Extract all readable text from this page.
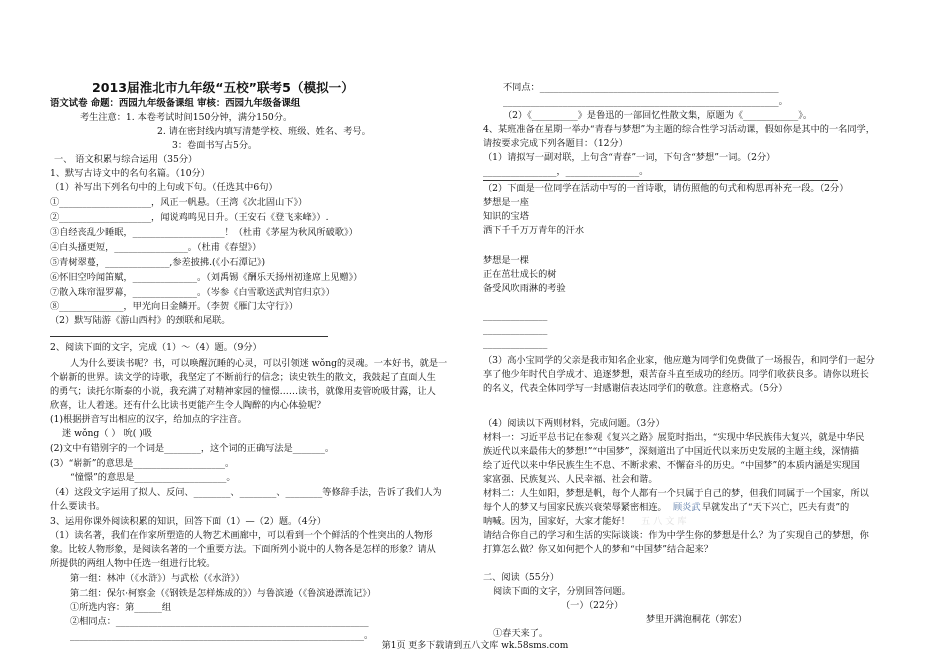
2013届淮北市九年级“五校”联考5（模拟一）
语文试卷 命题：西园九年级备课组 审核：西园九年级备课组
考生注意：1. 本卷考试时间150分钟，满分150分。
2. 请在密封线内填写清楚学校、班级、姓名、考号。
3：卷面书写占5分。
一、 语文积累与综合运用（35分）
1、默写古诗文中的名句名篇。（10分）
（1）补写出下列名句中的上句或下句。（任选其中6句）
①____________________，风正一帆悬。（王湾《次北固山下》）
②____________________，闻说鸡鸣见日升。（王安石《登飞来峰》）.
③自经丧乱少睡眠，____________________！（杜甫《茅屋为秋风所破歌》）
④白头搔更短，________________。（杜甫《春望》）
⑤青树翠蔓，______________,参差披拂.(《小石潭记》)
⑥怀旧空吟闻笛赋，______________。（刘禹锡《酬乐天扬州初逢席上见赠》）
⑦散入珠帘湿罗幕，______________。（岑参《白雪歌送武判官归京》）
⑧______________，甲光向日金鳞开。（李贺《雁门太守行》）
（2）默写陆游《游山西村》的颈联和尾联。
2、阅读下面的文字，完成（1）～（4）题。（9分）
人为什么要读书呢？书，可以唤醒沉睡的心灵，可以引领迷 wǒng的灵魂。一本好书，就是一
个崭新的世界。读文学的诗歌，我坚定了不断前行的信念；读史铁生的散文，我鼓起了直面人生
的勇气；读托尔斯泰的小说，我充满了对精神家园的憧憬……读书，就像用麦管吮吸甘露，让人
欣喜，让人着迷。还有什么比读书更能产生令人陶醉的内心体验呢？
(1)根据拼音写出相应的汉字，给加点的字注音。
迷 wǒng（ ） 吮( )吸
(2)文中有错别字的一个词是________，这个词的正确写法是_______。
(3）“崭新”的意思是____________________。
“憧憬”的意思是____________________。
（4）这段文字运用了拟人、反问、________、________、________等修辞手法，告诉了我们人为
什么要读书。
3、运用你课外阅读积累的知识，回答下面（1）—（2）题。（4分）
（1）读名著，我们在作家所塑造的人物艺术画廊中，可以看到一个个鲜活的个性突出的人物形
象。比较人物形象，是阅读名著的一个重要方法。下面所列小说中的人物各是怎样的形象？请从
所提供的两组人物中任选一组进行比较。
第一组：林冲（《水浒》）与武松（《水浒》）
第二组：保尔·柯察金（《钢铁是怎样炼成的》）与鲁滨逊（《鲁滨逊漂流记》）
①所选内容：第______组
②相同点：_______________________________________________________
________________________________________________________________。
不同点：____________________________________________________
____________________________________________________________。
（2）《__________》是鲁迅的一部回忆性散文集，原题为《____________》。
4、某班准备在星期一举办“青春与梦想”为主题的综合性学习活动课，假如你是其中的一名同学，
请按要求完成下列各题目：（12分）
（1）请拟写一副对联，上句含“青春”一词，下句含“梦想”一词。（2分）
________________，________________。
（2）下面是一位同学在活动中写的一首诗歌，请仿照他的句式和构思再补充一段。（2分）
梦想是一座
知识的宝塔
洒下千千万万青年的汗水
梦想是一棵
正在茁壮成长的树
备受风吹雨淋的考验
______________
______________
______________
（3）高小宝同学的父亲是我市知名企业家，他应邀为同学们免费做了一场报告，和同学们一起分
享了他少年时代自学成才、追逐梦想，艰苦奋斗直至成功的经历。同学们收获良多。请你以班长
的名义，代表全体同学写一封感谢信表达同学们的敬意。注意格式。（5分）
（4）阅读以下两则材料，完成问题。（3分）
材料一：习近平总书记在参观《复兴之路》展览时指出，“实现中华民族伟大复兴，就是中华民
族近代以来最伟大的梦想!”“中国梦”，深刻道出了中国近代以来历史发展的主题主线，深情描
绘了近代以来中华民族生生不息、不断求索、不懈奋斗的历史。“中国梦”的本质内涵是实现国
家富强、民族复兴、人民幸福、社会和谐。
材料二：人生如阳，梦想是帆，每个人都有一个只属于自己的梦，但我们同属于一个国家，所以
每个人的梦又与国家民族兴衰荣辱紧密相连。 顾炎武 早就发出了“天下兴亡，匹夫有责”的
呐喊。因为，国家好，大家才能好！ 五 八 文 库
请结合你自己的学习和生活的实际谈谈：作为中学生你的梦想是什么？为了实现自己的梦想，你
打算怎么做？你又如何把个人的梦和“中国梦”结合起来？
二、阅读（55分）
阅读下面的文字，分别回答问题。
（一）（22分）
梦里开满泡桐花（郭宏）
①春天来了。
第1页 更多下载请到五八文库 wk.58sms.com
